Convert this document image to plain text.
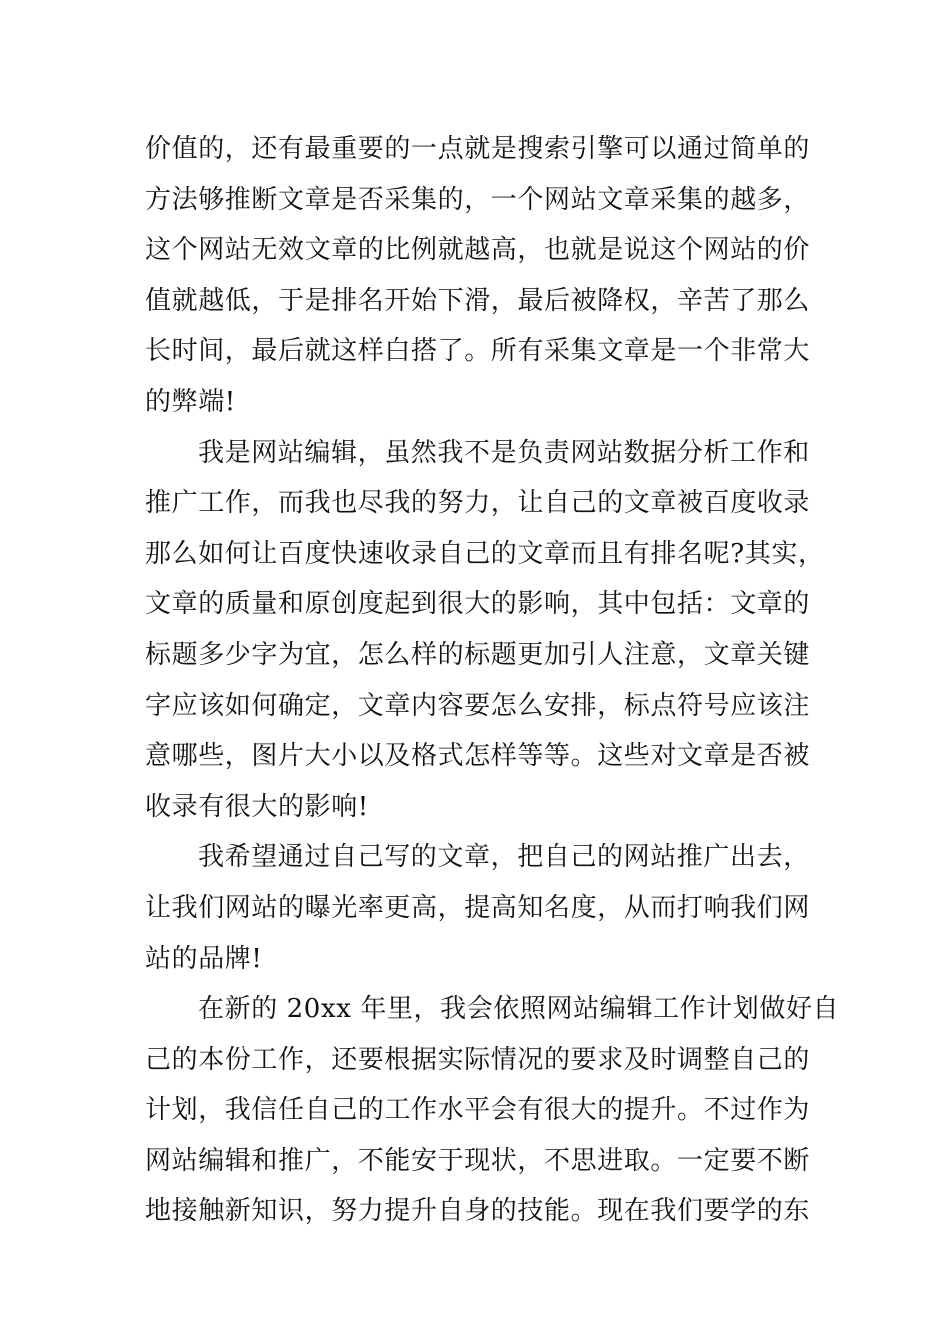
价值的，还有最重要的一点就是搜索引擎可以通过简单的
方法够推断文章是否采集的，一个网站文章采集的越多，
这个网站无效文章的比例就越高，也就是说这个网站的价
值就越低，于是排名开始下滑，最后被降权，辛苦了那么
长时间，最后就这样白搭了。所有采集文章是一个非常大
的弊端!
我是网站编辑，虽然我不是负责网站数据分析工作和
推广工作，而我也尽我的努力，让自己的文章被百度收录
那么如何让百度快速收录自己的文章而且有排名呢?其实，
文章的质量和原创度起到很大的影响，其中包括：文章的
标题多少字为宜，怎么样的标题更加引人注意，文章关键
字应该如何确定，文章内容要怎么安排，标点符号应该注
意哪些，图片大小以及格式怎样等等。这些对文章是否被
收录有很大的影响!
我希望通过自己写的文章，把自己的网站推广出去，
让我们网站的曝光率更高，提高知名度，从而打响我们网
站的品牌!
在新的 20xx 年里，我会依照网站编辑工作计划做好自
己的本份工作，还要根据实际情况的要求及时调整自己的
计划，我信任自己的工作水平会有很大的提升。不过作为
网站编辑和推广，不能安于现状，不思进取。一定要不断
地接触新知识，努力提升自身的技能。现在我们要学的东
